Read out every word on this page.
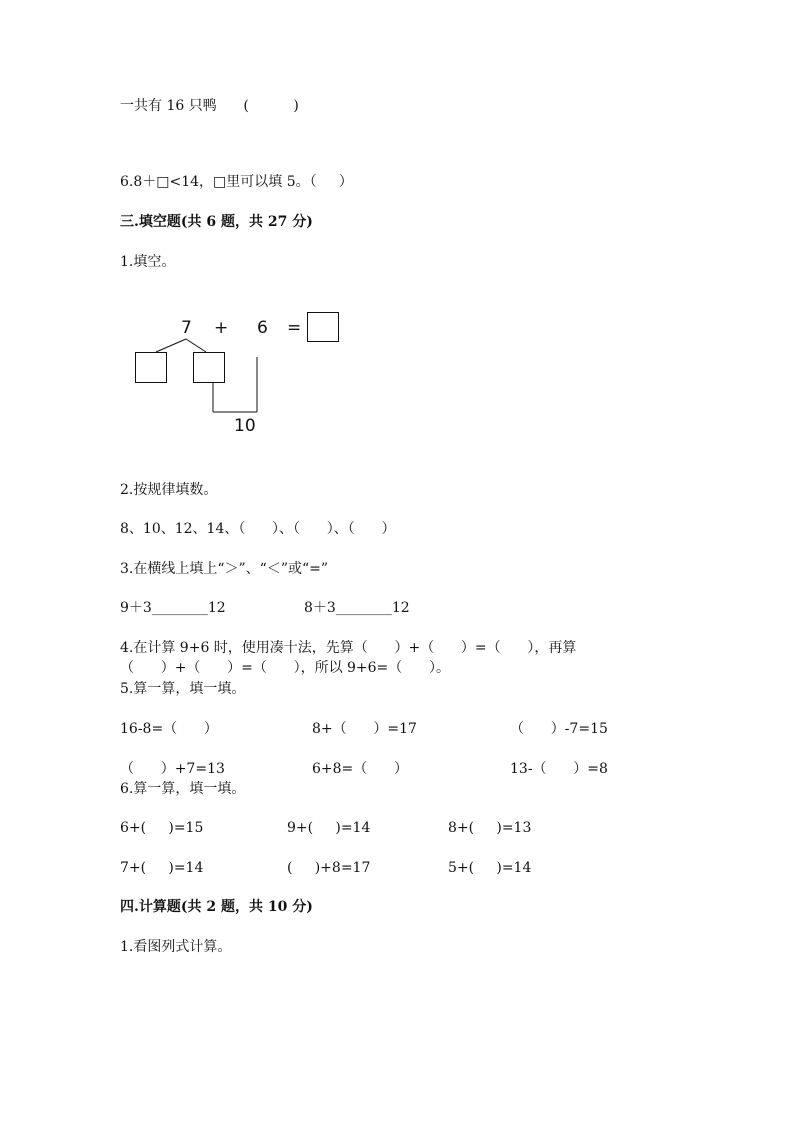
一共有 16 只鸭      (          )
6.8＋□<14，□里可以填 5。（     ）
三.填空题(共 6 题，共 27 分)
1.填空。
7 + 6 =
10
2.按规律填数。
8、10、12、14、（      ）、（      ）、（      ）
3.在横线上填上“＞”、“＜”或“=”
9＋3________12	8＋3________12
4.在计算 9+6 时，使用凑十法，先算（      ）+（      ）=（      ），再算
（      ）+（      ）=（      ），所以 9+6=（      ）。
5.算一算，填一填。
16-8=（      ）	8+（      ）=17	（      ）-7=15
（      ）+7=13	6+8=（      ）	13-（      ）=8
6.算一算，填一填。
6+(     )=15	9+(     )=14	8+(     )=13
7+(     )=14	(     )+8=17	5+(     )=14
四.计算题(共 2 题，共 10 分)
1.看图列式计算。
